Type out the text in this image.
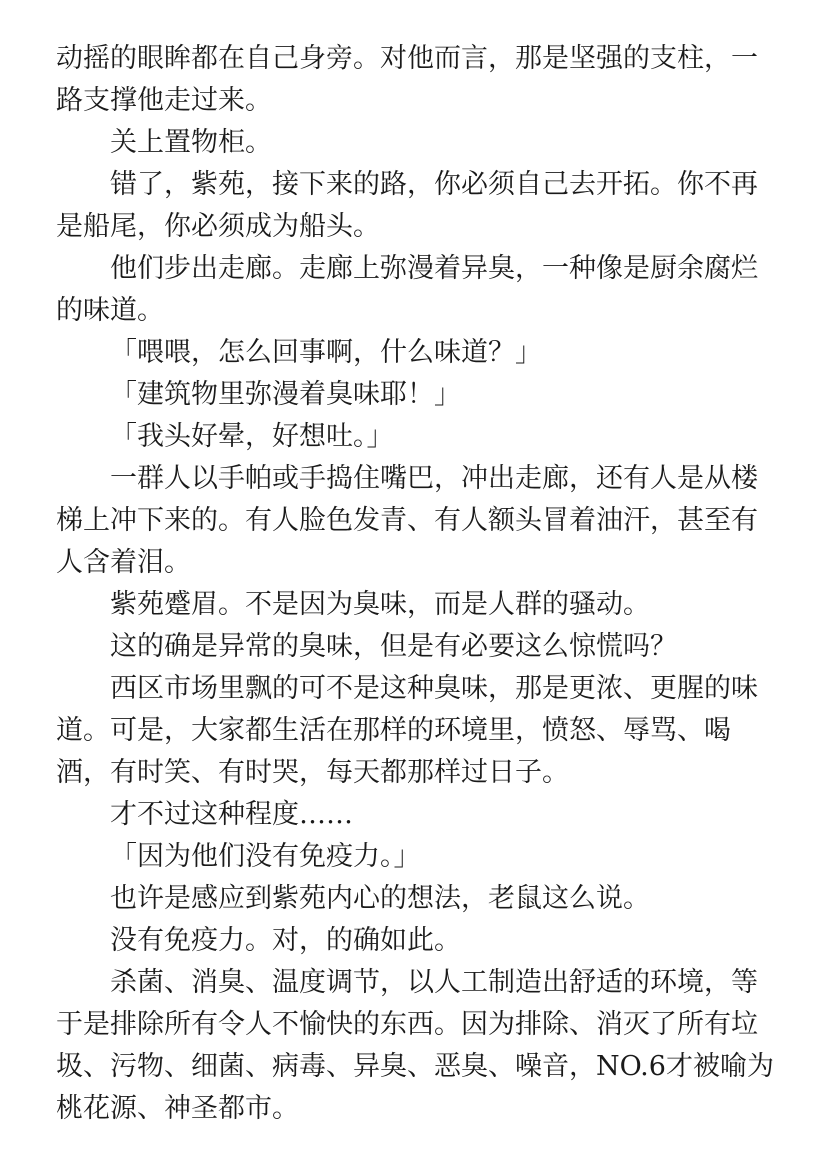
动摇的眼眸都在自己身旁。对他而言，那是坚强的支柱，一

路支撑他走过来。

关上置物柜。

错了，紫苑，接下来的路，你必须自己去开拓。你不再

是船尾，你必须成为船头。

他们步出走廊。走廊上弥漫着异臭，一种像是厨余腐烂

的味道。

「喂喂，怎么回事啊，什么味道？」

「建筑物里弥漫着臭味耶！」

「我头好晕，好想吐。」

一群人以手帕或手捣住嘴巴，冲出走廊，还有人是从楼

梯上冲下来的。有人脸色发青、有人额头冒着油汗，甚至有

人含着泪。

紫苑蹙眉。不是因为臭味，而是人群的骚动。

这的确是异常的臭味，但是有必要这么惊慌吗？

西区市场里飘的可不是这种臭味，那是更浓、更腥的味

道。可是，大家都生活在那样的环境里，愤怒、辱骂、喝

酒，有时笑、有时哭，每天都那样过日子。

才不过这种程度……

「因为他们没有免疫力。」

也许是感应到紫苑内心的想法，老鼠这么说。

没有免疫力。对，的确如此。

杀菌、消臭、温度调节，以人工制造出舒适的环境，等

于是排除所有令人不愉快的东西。因为排除、消灭了所有垃

圾、污物、细菌、病毒、异臭、恶臭、噪音，NO.6才被喻为

桃花源、神圣都市。
